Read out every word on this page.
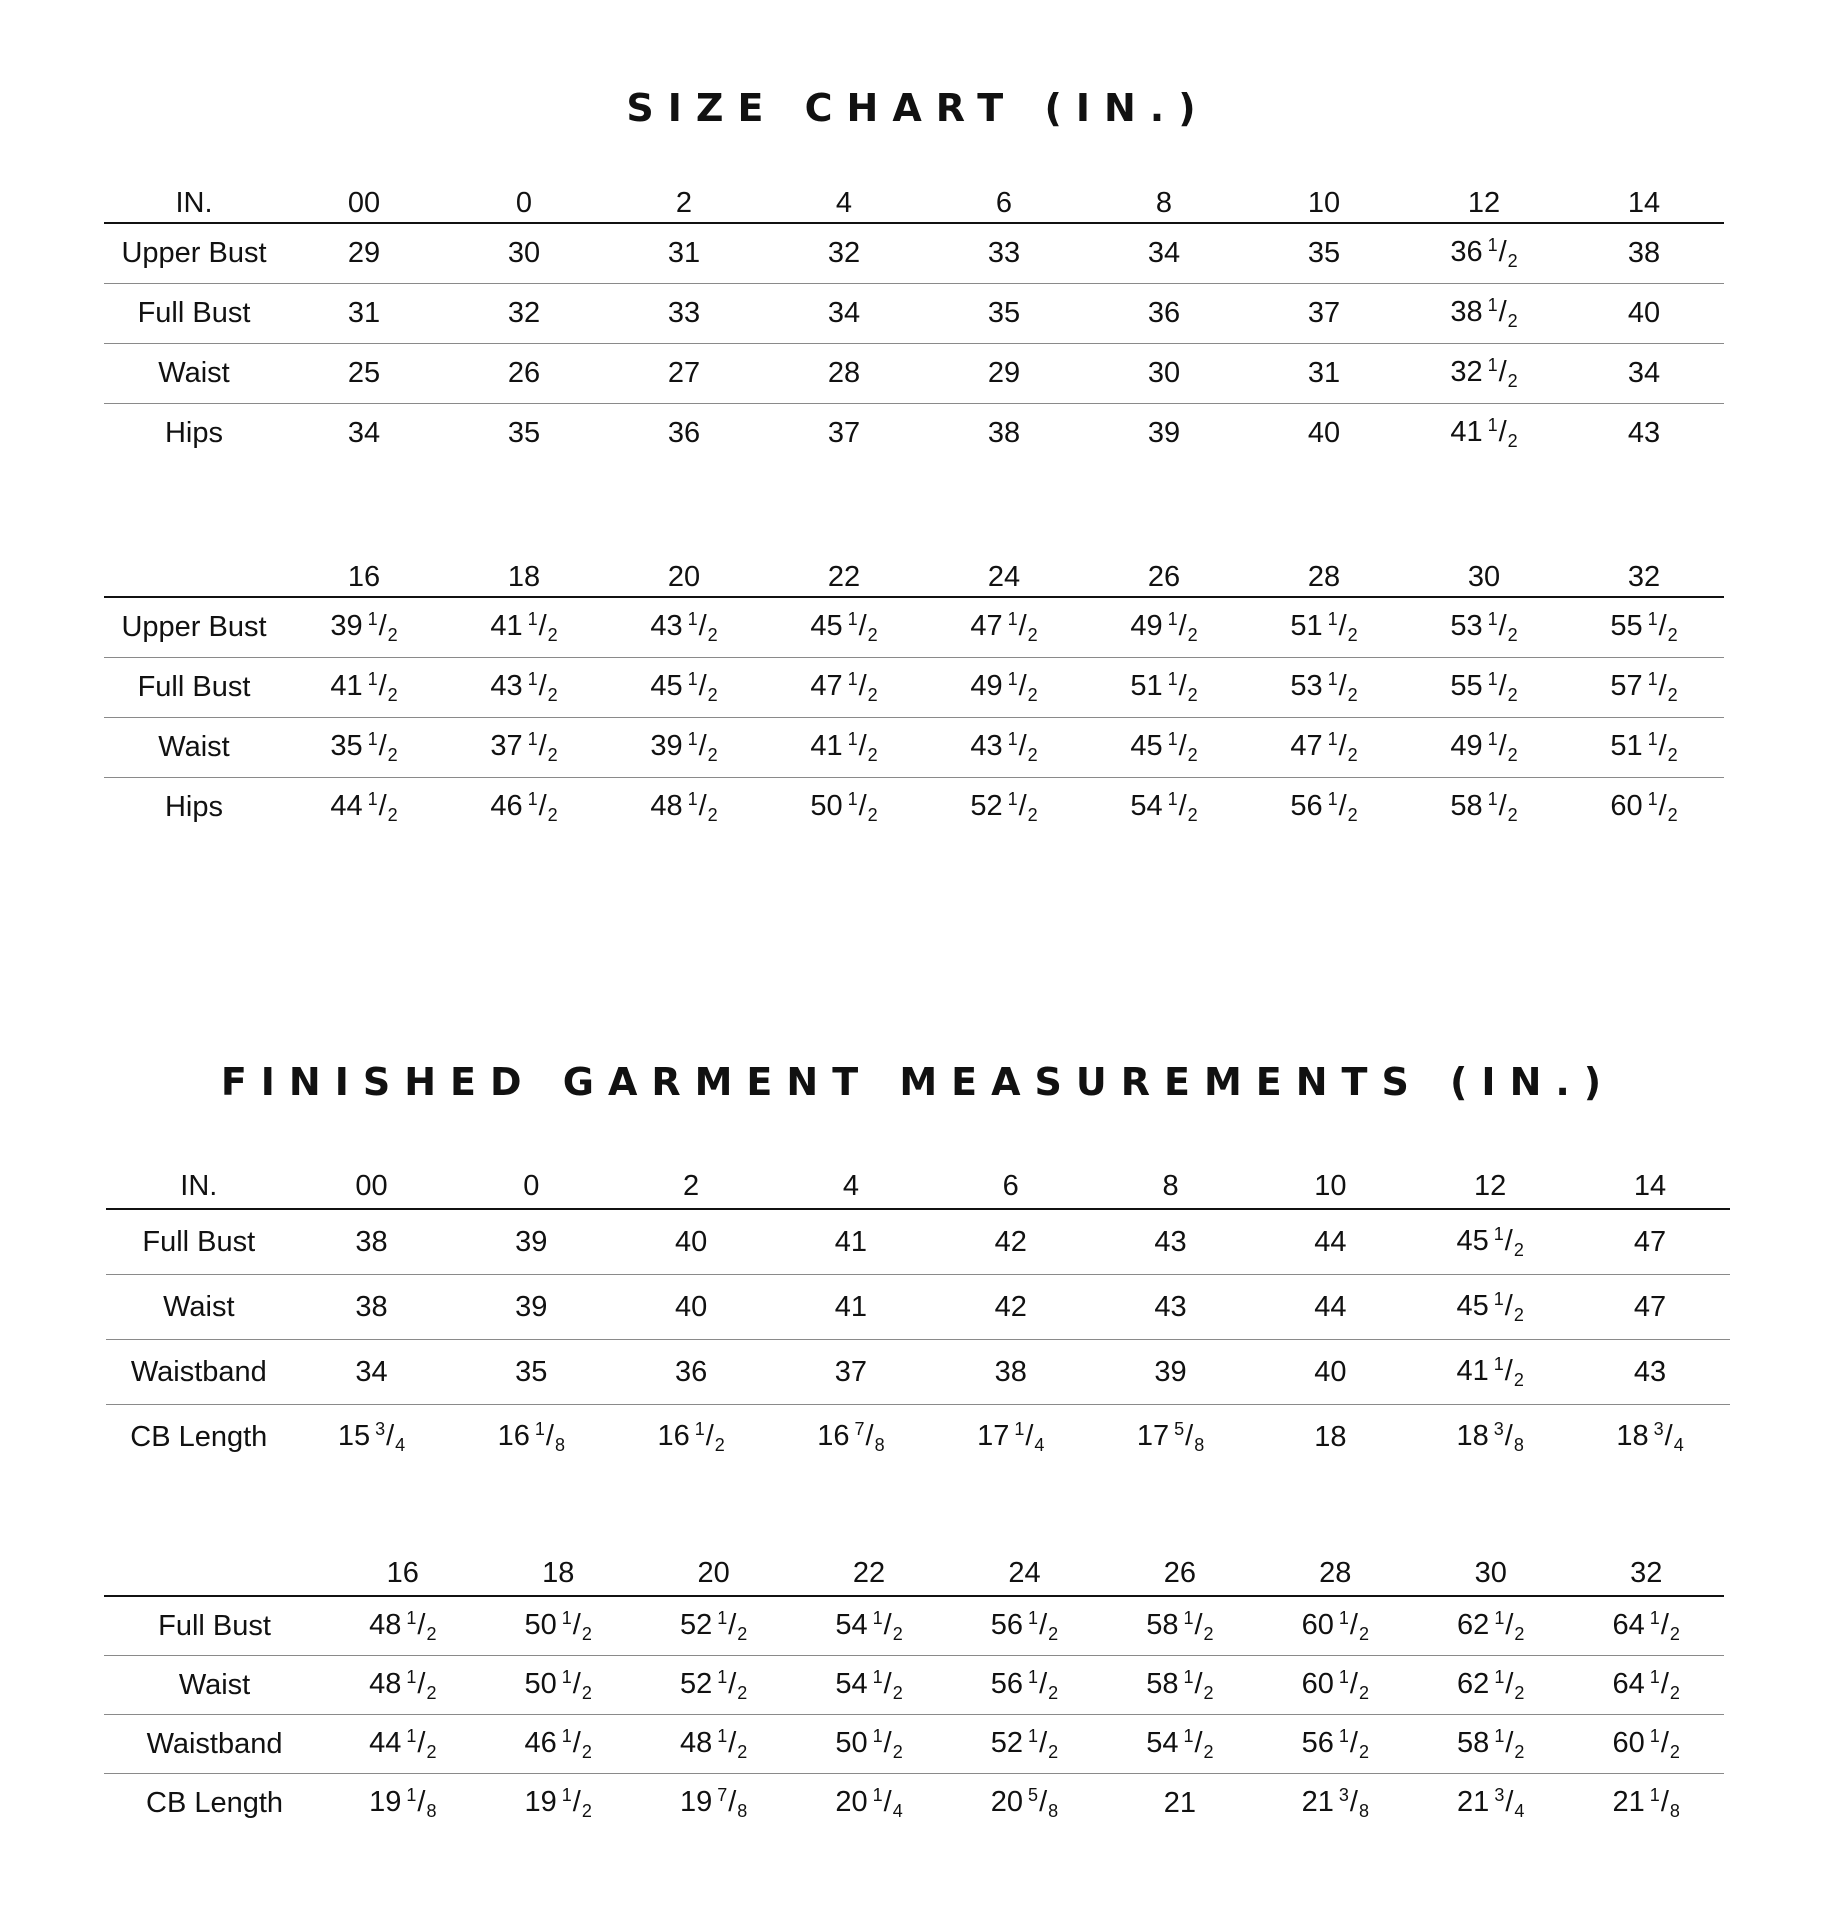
SIZE CHART (IN.)
IN.	00	0	2	4	6	8	10	12	14
Upper Bust	29	30	31	32	33	34	35	36 $^1/_2$	38
Full Bust	31	32	33	34	35	36	37	38 $^1/_2$	40
Waist	25	26	27	28	29	30	31	32 $^1/_2$	34
Hips	34	35	36	37	38	39	40	41 $^1/_2$	43
	16	18	20	22	24	26	28	30	32
Upper Bust	39 $^1/_2$	41 $^1/_2$	43 $^1/_2$	45 $^1/_2$	47 $^1/_2$	49 $^1/_2$	51 $^1/_2$	53 $^1/_2$	55 $^1/_2$
Full Bust	41 $^1/_2$	43 $^1/_2$	45 $^1/_2$	47 $^1/_2$	49 $^1/_2$	51 $^1/_2$	53 $^1/_2$	55 $^1/_2$	57 $^1/_2$
Waist	35 $^1/_2$	37 $^1/_2$	39 $^1/_2$	41 $^1/_2$	43 $^1/_2$	45 $^1/_2$	47 $^1/_2$	49 $^1/_2$	51 $^1/_2$
Hips	44 $^1/_2$	46 $^1/_2$	48 $^1/_2$	50 $^1/_2$	52 $^1/_2$	54 $^1/_2$	56 $^1/_2$	58 $^1/_2$	60 $^1/_2$
FINISHED GARMENT MEASUREMENTS (IN.)
IN.	00	0	2	4	6	8	10	12	14
Full Bust	38	39	40	41	42	43	44	45 $^1/_2$	47
Waist	38	39	40	41	42	43	44	45 $^1/_2$	47
Waistband	34	35	36	37	38	39	40	41 $^1/_2$	43
CB Length	15 $^3/_4$	16 $^1/_8$	16 $^1/_2$	16 $^7/_8$	17 $^1/_4$	17 $^5/_8$	18	18 $^3/_8$	18 $^3/_4$
	16	18	20	22	24	26	28	30	32
Full Bust	48 $^1/_2$	50 $^1/_2$	52 $^1/_2$	54 $^1/_2$	56 $^1/_2$	58 $^1/_2$	60 $^1/_2$	62 $^1/_2$	64 $^1/_2$
Waist	48 $^1/_2$	50 $^1/_2$	52 $^1/_2$	54 $^1/_2$	56 $^1/_2$	58 $^1/_2$	60 $^1/_2$	62 $^1/_2$	64 $^1/_2$
Waistband	44 $^1/_2$	46 $^1/_2$	48 $^1/_2$	50 $^1/_2$	52 $^1/_2$	54 $^1/_2$	56 $^1/_2$	58 $^1/_2$	60 $^1/_2$
CB Length	19 $^1/_8$	19 $^1/_2$	19 $^7/_8$	20 $^1/_4$	20 $^5/_8$	21	21 $^3/_8$	21 $^3/_4$	21 $^1/_8$
